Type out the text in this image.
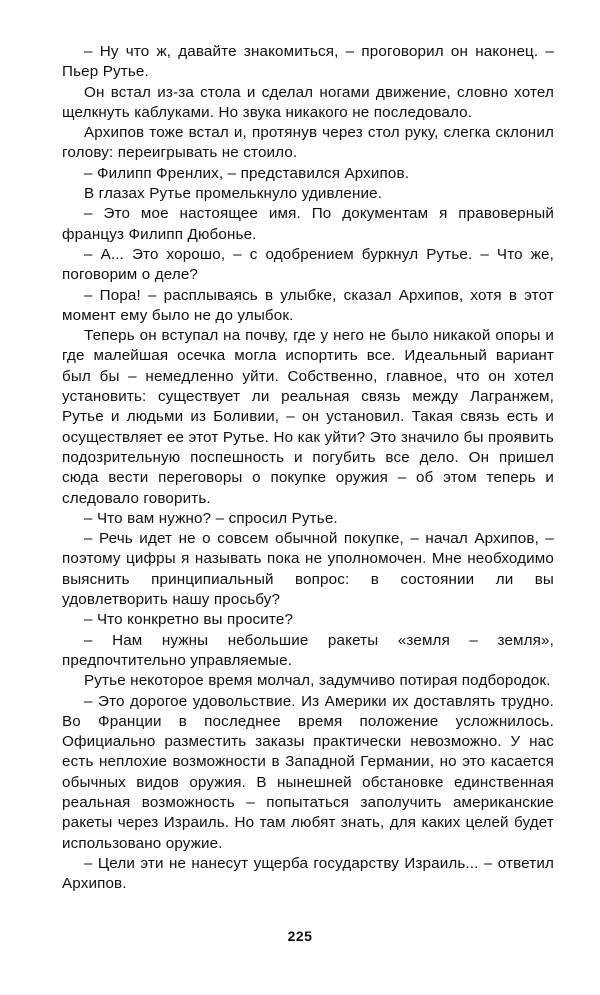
– Ну что ж, давайте знакомиться, – проговорил он наконец. – Пьер Рутье.

Он встал из-за стола и сделал ногами движение, словно хотел щелкнуть каблуками. Но звука никакого не последовало.

Архипов тоже встал и, протянув через стол руку, слегка склонил голову: переигрывать не стоило.

– Филипп Френлих, – представился Архипов.

В глазах Рутье промелькнуло удивление.

– Это мое настоящее имя. По документам я правоверный француз Филипп Дюбонье.

– А... Это хорошо, – с одобрением буркнул Рутье. – Что же, поговорим о деле?

– Пора! – расплываясь в улыбке, сказал Архипов, хотя в этот момент ему было не до улыбок.

Теперь он вступал на почву, где у него не было никакой опоры и где малейшая осечка могла испортить все. Идеальный вариант был бы – немедленно уйти. Собственно, главное, что он хотел установить: существует ли реальная связь между Лагранжем, Рутье и людьми из Боливии, – он установил. Такая связь есть и осуществляет ее этот Рутье. Но как уйти? Это значило бы проявить подозрительную поспешность и погубить все дело. Он пришел сюда вести переговоры о покупке оружия – об этом теперь и следовало говорить.

– Что вам нужно? – спросил Рутье.

– Речь идет не о совсем обычной покупке, – начал Архипов, – поэтому цифры я называть пока не уполномочен. Мне необходимо выяснить принципиальный вопрос: в состоянии ли вы удовлетворить нашу просьбу?

– Что конкретно вы просите?

– Нам нужны небольшие ракеты «земля – земля», предпочтительно управляемые.

Рутье некоторое время молчал, задумчиво потирая подбородок.

– Это дорогое удовольствие. Из Америки их доставлять трудно. Во Франции в последнее время положение усложнилось. Официально разместить заказы практически невозможно. У нас есть неплохие возможности в Западной Германии, но это касается обычных видов оружия. В нынешней обстановке единственная реальная возможность – попытаться заполучить американские ракеты через Израиль. Но там любят знать, для каких целей будет использовано оружие.

– Цели эти не нанесут ущерба государству Израиль... – ответил Архипов.

225
